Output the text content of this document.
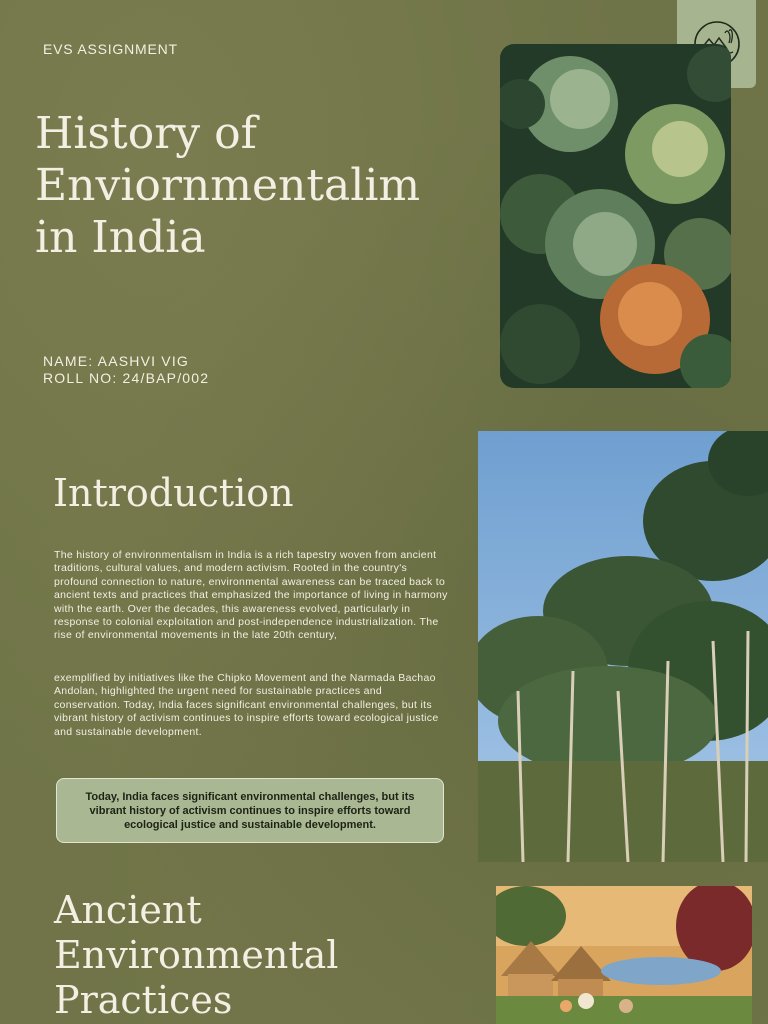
EVS ASSIGNMENT
History of
Enviornmentalim
in India
NAME: AASHVI VIG
ROLL NO: 24/BAP/002
Introduction

The history of environmentalism in India is a rich tapestry woven from ancient traditions, cultural values, and modern activism. Rooted in the country's profound connection to nature, environmental awareness can be traced back to ancient texts and practices that emphasized the importance of living in harmony with the earth. Over the decades, this awareness evolved, particularly in response to colonial exploitation and post-independence industrialization. The rise of environmental movements in the late 20th century,

exemplified by initiatives like the Chipko Movement and the Narmada Bachao Andolan, highlighted the urgent need for sustainable practices and conservation. Today, India faces significant environmental challenges, but its vibrant history of activism continues to inspire efforts toward ecological justice and sustainable development.

Today, India faces significant environmental challenges, but its vibrant history of activism continues to inspire efforts toward ecological justice and sustainable development.
Ancient
Environmental
Practices
